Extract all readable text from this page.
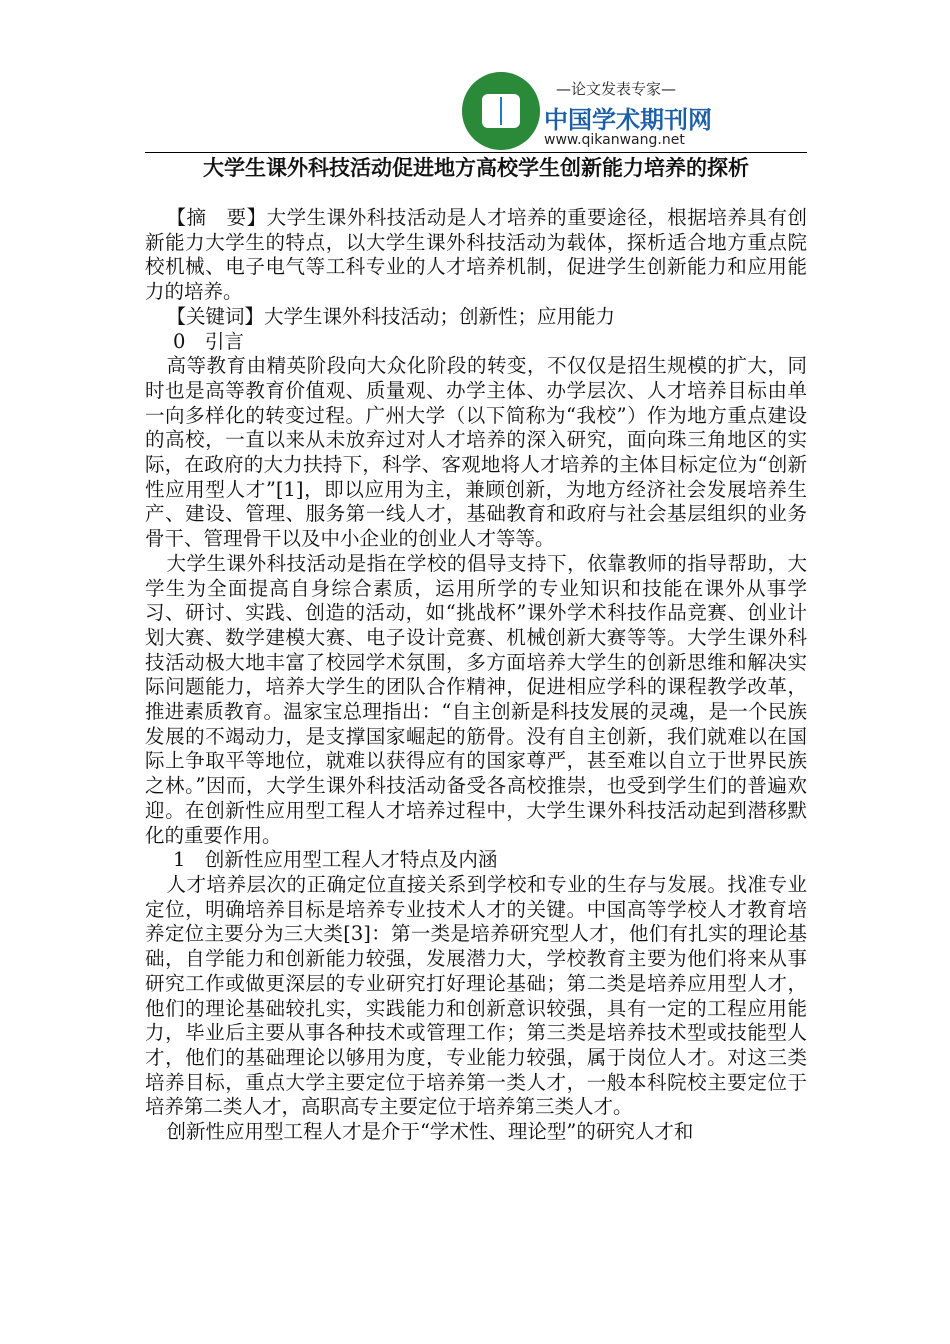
—论文发表专家—
中国学术期刊网
www.qikanwang.net
大学生课外科技活动促进地方高校学生创新能力培养的探析

【摘　要】大学生课外科技活动是人才培养的重要途径，根据培养具有创新能力大学生的特点，以大学生课外科技活动为载体，探析适合地方重点院校机械、电子电气等工科专业的人才培养机制，促进学生创新能力和应用能力的培养。

【关键词】大学生课外科技活动；创新性；应用能力

0　引言

高等教育由精英阶段向大众化阶段的转变，不仅仅是招生规模的扩大，同时也是高等教育价值观、质量观、办学主体、办学层次、人才培养目标由单一向多样化的转变过程。广州大学（以下简称为“我校”）作为地方重点建设的高校，一直以来从未放弃过对人才培养的深入研究，面向珠三角地区的实际，在政府的大力扶持下，科学、客观地将人才培养的主体目标定位为“创新性应用型人才”[1]，即以应用为主，兼顾创新，为地方经济社会发展培养生产、建设、管理、服务第一线人才，基础教育和政府与社会基层组织的业务骨干、管理骨干以及中小企业的创业人才等等。

大学生课外科技活动是指在学校的倡导支持下，依靠教师的指导帮助，大学生为全面提高自身综合素质，运用所学的专业知识和技能在课外从事学习、研讨、实践、创造的活动，如“挑战杯”课外学术科技作品竞赛、创业计划大赛、数学建模大赛、电子设计竞赛、机械创新大赛等等。大学生课外科技活动极大地丰富了校园学术氛围，多方面培养大学生的创新思维和解决实际问题能力，培养大学生的团队合作精神，促进相应学科的课程教学改革，推进素质教育。温家宝总理指出：“自主创新是科技发展的灵魂，是一个民族发展的不竭动力，是支撑国家崛起的筋骨。没有自主创新，我们就难以在国际上争取平等地位，就难以获得应有的国家尊严，甚至难以自立于世界民族之林。”因而，大学生课外科技活动备受各高校推崇，也受到学生们的普遍欢迎。在创新性应用型工程人才培养过程中，大学生课外科技活动起到潜移默化的重要作用。

1　创新性应用型工程人才特点及内涵

人才培养层次的正确定位直接关系到学校和专业的生存与发展。找准专业定位，明确培养目标是培养专业技术人才的关键。中国高等学校人才教育培养定位主要分为三大类[3]：第一类是培养研究型人才，他们有扎实的理论基础，自学能力和创新能力较强，发展潜力大，学校教育主要为他们将来从事研究工作或做更深层的专业研究打好理论基础；第二类是培养应用型人才，他们的理论基础较扎实，实践能力和创新意识较强，具有一定的工程应用能力，毕业后主要从事各种技术或管理工作；第三类是培养技术型或技能型人才，他们的基础理论以够用为度，专业能力较强，属于岗位人才。对这三类培养目标，重点大学主要定位于培养第一类人才，一般本科院校主要定位于培养第二类人才，高职高专主要定位于培养第三类人才。

创新性应用型工程人才是介于“学术性、理论型”的研究人才和
